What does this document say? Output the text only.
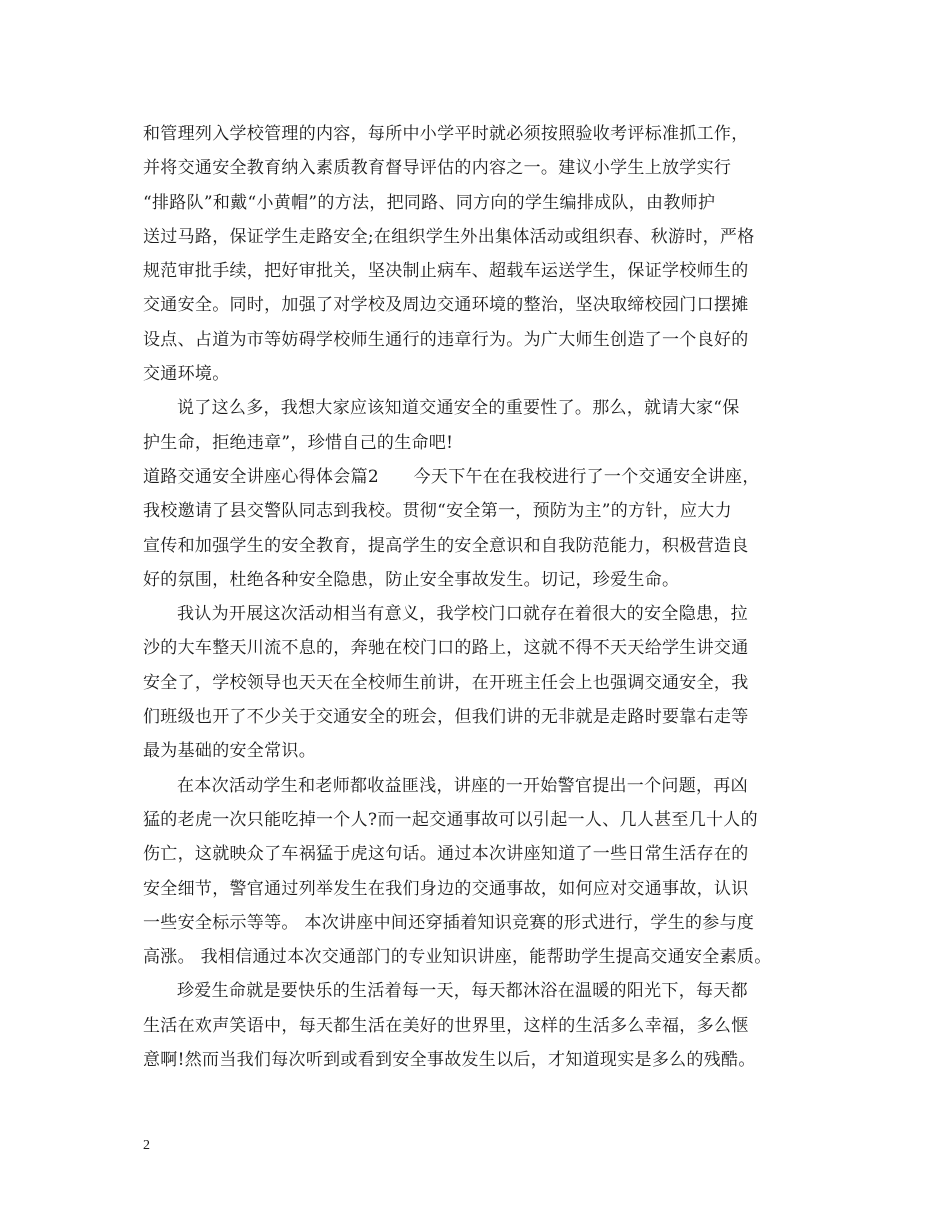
和管理列入学校管理的内容，每所中小学平时就必须按照验收考评标准抓工作，
并将交通安全教育纳入素质教育督导评估的内容之一。建议小学生上放学实行
“排路队”和戴“小黄帽”的方法，把同路、同方向的学生编排成队，由教师护
送过马路，保证学生走路安全;在组织学生外出集体活动或组织春、秋游时，严格
规范审批手续，把好审批关，坚决制止病车、超载车运送学生，保证学校师生的
交通安全。同时，加强了对学校及周边交通环境的整治，坚决取缔校园门口摆摊
设点、占道为市等妨碍学校师生通行的违章行为。为广大师生创造了一个良好的
交通环境。

说了这么多，我想大家应该知道交通安全的重要性了。那么，就请大家“保
护生命，拒绝违章”，珍惜自己的生命吧!

道路交通安全讲座心得体会篇2　　今天下午在在我校进行了一个交通安全讲座，
我校邀请了县交警队同志到我校。贯彻“安全第一，预防为主”的方针，应大力
宣传和加强学生的安全教育，提高学生的安全意识和自我防范能力，积极营造良
好的氛围，杜绝各种安全隐患，防止安全事故发生。切记，珍爱生命。

我认为开展这次活动相当有意义，我学校门口就存在着很大的安全隐患，拉
沙的大车整天川流不息的，奔驰在校门口的路上，这就不得不天天给学生讲交通
安全了，学校领导也天天在全校师生前讲，在开班主任会上也强调交通安全，我
们班级也开了不少关于交通安全的班会，但我们讲的无非就是走路时要靠右走等
最为基础的安全常识。

在本次活动学生和老师都收益匪浅，讲座的一开始警官提出一个问题，再凶
猛的老虎一次只能吃掉一个人?而一起交通事故可以引起一人、几人甚至几十人的
伤亡，这就映众了车祸猛于虎这句话。通过本次讲座知道了一些日常生活存在的
安全细节，警官通过列举发生在我们身边的交通事故，如何应对交通事故，认识
一些安全标示等等。 本次讲座中间还穿插着知识竞赛的形式进行，学生的参与度
高涨。 我相信通过本次交通部门的专业知识讲座，能帮助学生提高交通安全素质。

珍爱生命就是要快乐的生活着每一天，每天都沐浴在温暖的阳光下，每天都
生活在欢声笑语中，每天都生活在美好的世界里，这样的生活多么幸福，多么惬
意啊!然而当我们每次听到或看到安全事故发生以后，才知道现实是多么的残酷。

2
